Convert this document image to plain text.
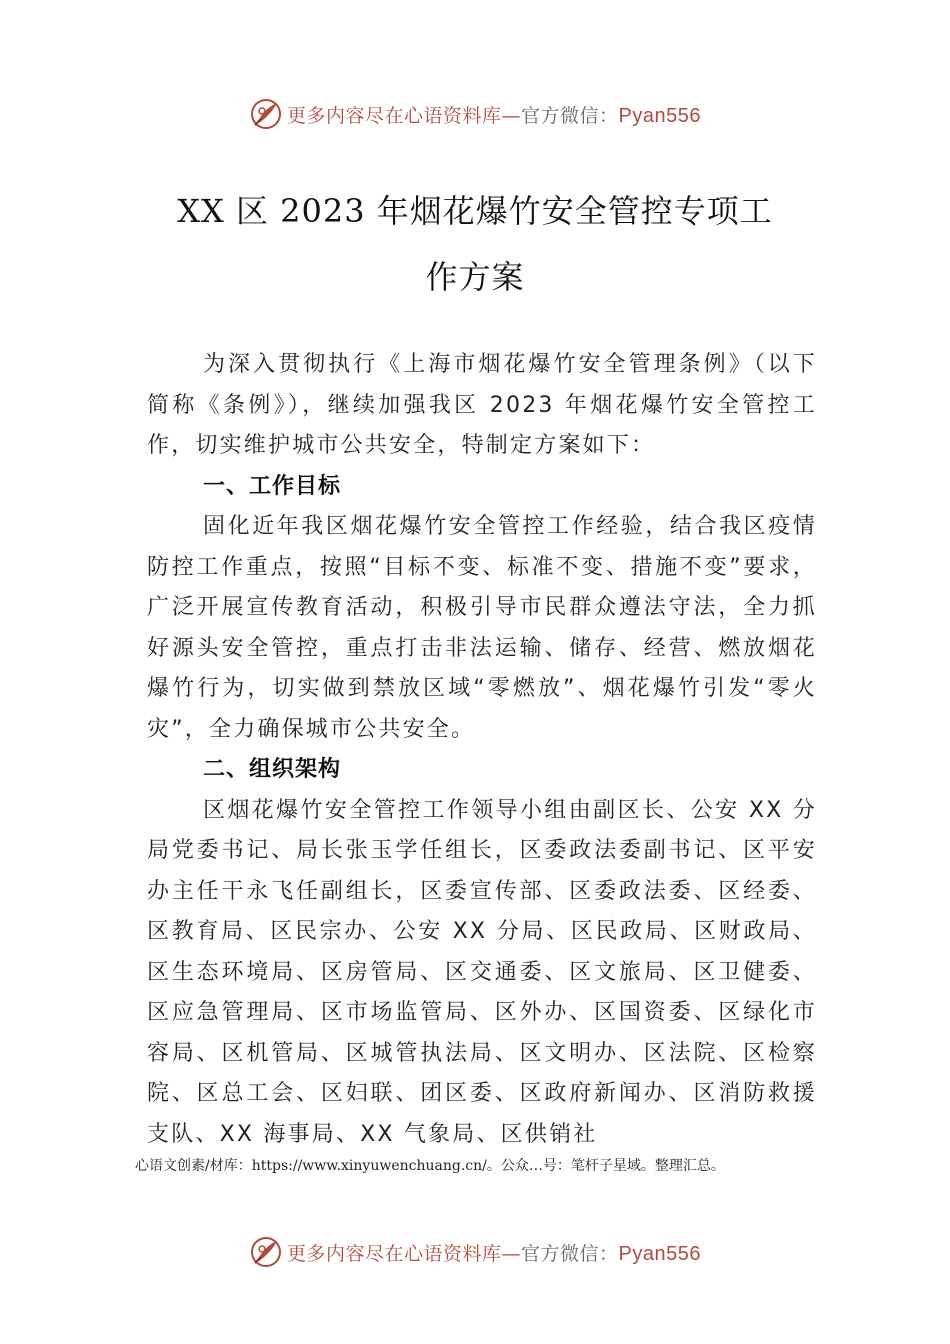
更多内容尽在心语资料库—官方微信：Pyan556
XX 区 2023 年烟花爆竹安全管控专项工
作方案

为深入贯彻执行《上海市烟花爆竹安全管理条例》（以下简称《条例》），继续加强我区 2023 年烟花爆竹安全管控工作，切实维护城市公共安全，特制定方案如下：

一、工作目标

固化近年我区烟花爆竹安全管控工作经验，结合我区疫情防控工作重点，按照“目标不变、标准不变、措施不变”要求，广泛开展宣传教育活动，积极引导市民群众遵法守法，全力抓好源头安全管控，重点打击非法运输、储存、经营、燃放烟花爆竹行为，切实做到禁放区域“零燃放”、烟花爆竹引发“零火灾”，全力确保城市公共安全。

二、组织架构

区烟花爆竹安全管控工作领导小组由副区长、公安 XX 分局党委书记、局长张玉学任组长，区委政法委副书记、区平安办主任干永飞任副组长，区委宣传部、区委政法委、区经委、区教育局、区民宗办、公安 XX 分局、区民政局、区财政局、区生态环境局、区房管局、区交通委、区文旅局、区卫健委、区应急管理局、区市场监管局、区外办、区国资委、区绿化市容局、区机管局、区城管执法局、区文明办、区法院、区检察院、区总工会、区妇联、团区委、区政府新闻办、区消防救援支队、XX 海事局、XX 气象局、区供销社

心语文创素/材库：https://www.xinyuwenchuang.cn/。公众…号：笔杆子星域。整理汇总。
更多内容尽在心语资料库—官方微信：Pyan556
